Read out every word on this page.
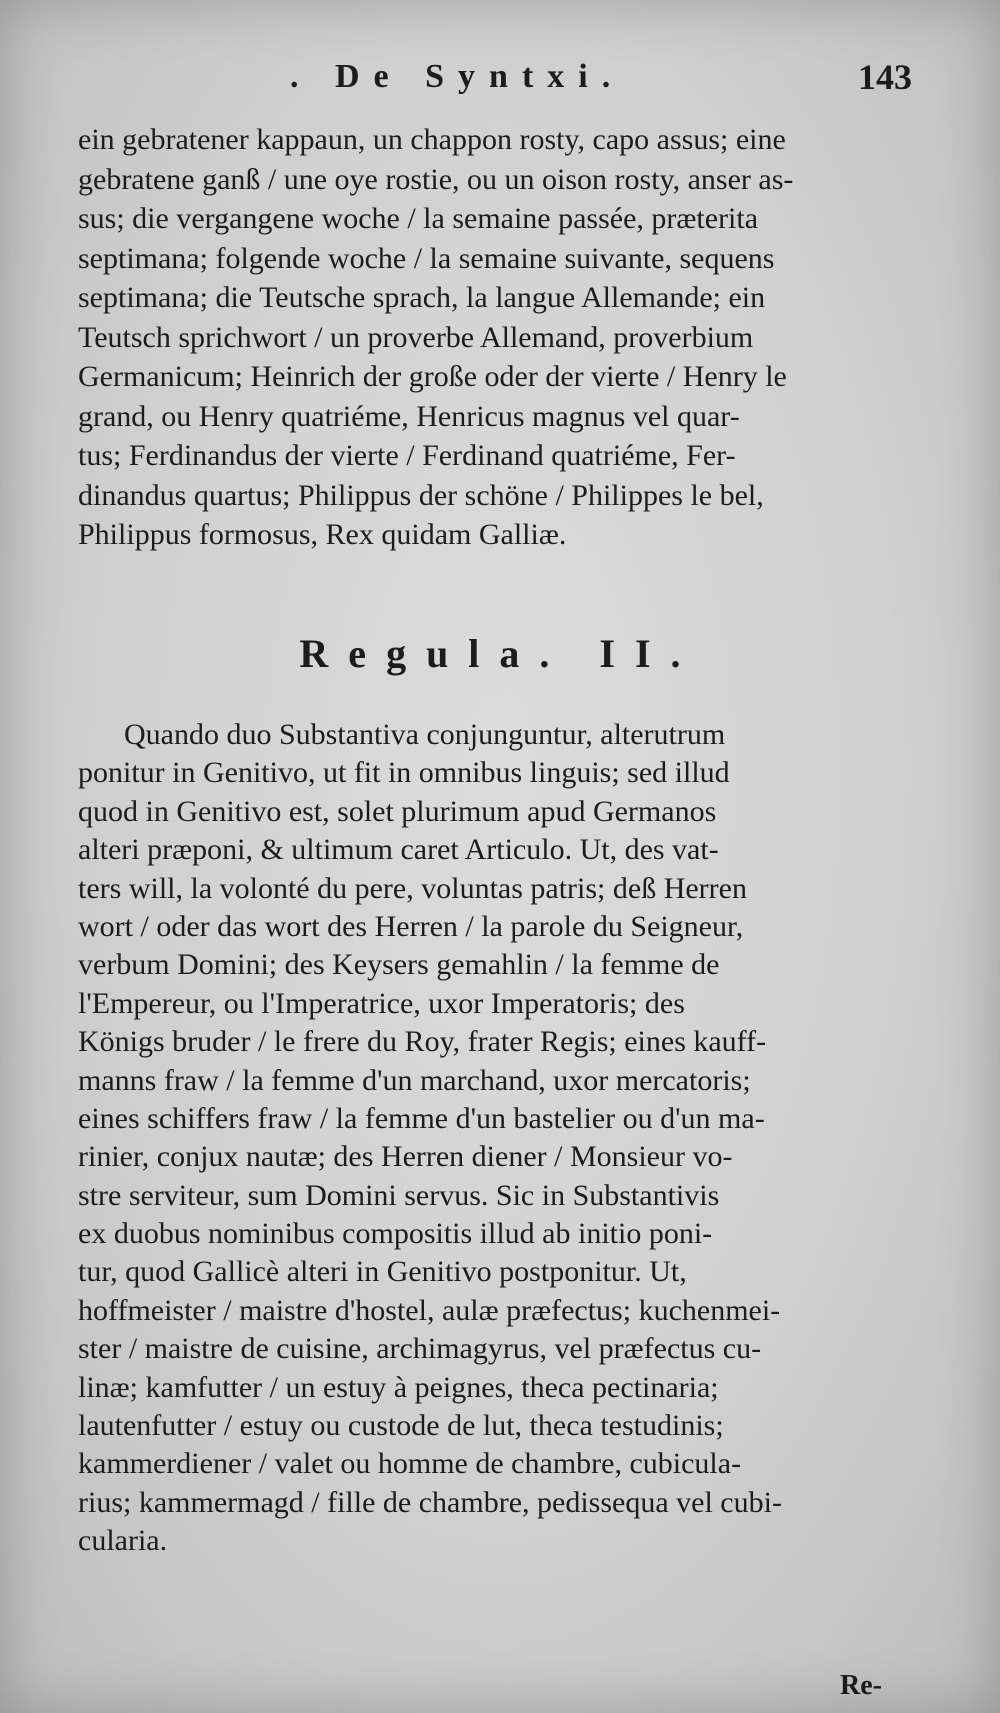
. De Syntxi.	143
ein gebratener kappaun, un chappon rosty, capo assus; eine
gebratene ganß / une oye rostie, ou un oison rosty, anser as-
sus; die vergangene woche / la semaine passée, præterita
septimana; folgende woche / la semaine suivante, sequens
septimana; die Teutsche sprach, la langue Allemande; ein
Teutsch sprichwort / un proverbe Allemand, proverbium
Germanicum; Heinrich der große oder der vierte / Henry le
grand, ou Henry quatriéme, Henricus magnus vel quar-
tus; Ferdinandus der vierte / Ferdinand quatriéme, Fer-
dinandus quartus; Philippus der schöne / Philippes le bel,
Philippus formosus, Rex quidam Galliæ.
Regula. II.
Quando duo Substantiva conjunguntur, alterutrum
ponitur in Genitivo, ut fit in omnibus linguis; sed illud
quod in Genitivo est, solet plurimum apud Germanos
alteri præponi, & ultimum caret Articulo. Ut, des vat-
ters will, la volonté du pere, voluntas patris; deß Herren
wort / oder das wort des Herren / la parole du Seigneur,
verbum Domini; des Keysers gemahlin / la femme de
l'Empereur, ou l'Imperatrice, uxor Imperatoris; des
Königs bruder / le frere du Roy, frater Regis; eines kauff-
manns fraw / la femme d'un marchand, uxor mercatoris;
eines schiffers fraw / la femme d'un bastelier ou d'un ma-
rinier, conjux nautæ; des Herren diener / Monsieur vo-
stre serviteur, sum Domini servus. Sic in Substantivis
ex duobus nominibus compositis illud ab initio poni-
tur, quod Gallicè alteri in Genitivo postponitur. Ut,
hoffmeister / maistre d'hostel, aulæ præfectus; kuchenmei-
ster / maistre de cuisine, archimagyrus, vel præfectus cu-
linæ; kamfutter / un estuy à peignes, theca pectinaria;
lautenfutter / estuy ou custode de lut, theca testudinis;
kammerdiener / valet ou homme de chambre, cubicula-
rius; kammermagd / fille de chambre, pedissequa vel cubi-
cularia.
Re-
